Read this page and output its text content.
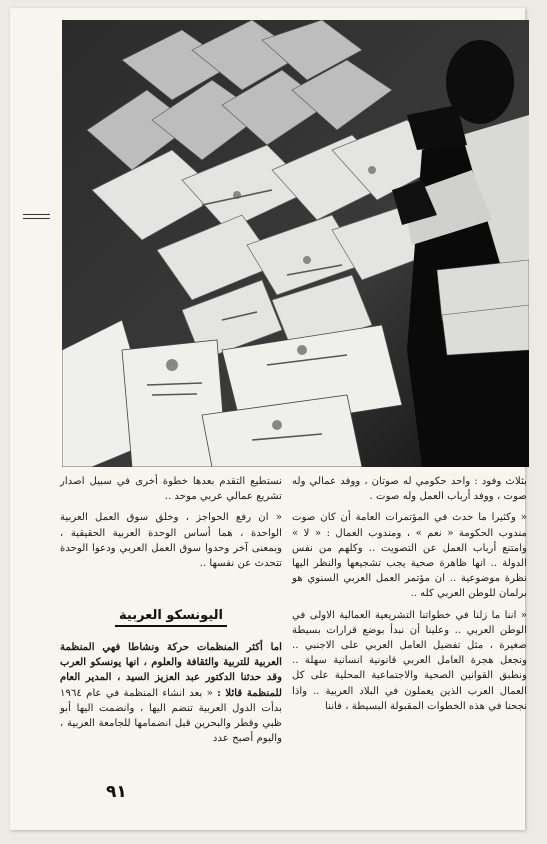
بثلاث وفود : واحد حكومي له صوتان ، ووفد عمالي وله صوت ، ووفد أرباب العمل وله صوت .

« وكثيرا ما حدث في المؤتمرات العامة أن كان صوت مندوب الحكومة « نعم » ، ومندوب العمال : « لا » وامتنع أرباب العمل عن التصويت .. وكلهم من نفس الدولة .. انها ظاهرة صحية يجب تشجيعها والنظر اليها نظرة موضوعية .. ان مؤتمر العمل العربي السنوي هو برلمان للوطن العربي كله ..

« اننا ما زلنا في خطواتنا التشريعية العمالية الاولى في الوطن العربي .. وعلينا أن نبدأ بوضع قرارات بسيطة صغيرة ، مثل تفضيل العامل العربي على الاجنبي .. ونجعل هجرة العامل العربي قانونية انسانية سهلة .. ونطبق القوانين الصحية والاجتماعية المحلية على كل العمال العرب الذين يعملون في البلاد العربية .. واذا نجحنا في هذه الخطوات المقبولة البسيطة ، فاننا

نستطيع التقدم بعدها خطوة أخرى في سبيل اصدار تشريع عمالي عربي موحد ..

« ان رفع الحواجز ، وخلق سوق العمل العربية الواحدة ، هما أساس الوحدة العربية الحقيقية ، وبمعنى آخر وحدوا سوق العمل العربي ودعوا الوحدة تتحدث عن نفسها ..

اليونسكو العربية

اما أكثر المنظمات حركة ونشاطا فهي المنظمة العربية للتربية والثقافة والعلوم ، انها يونسكو العرب وقد حدثنا الدكتور عبد العزيز السيد ، المدير العام للمنظمة قائلا : « بعد انشاء المنظمة في عام ١٩٦٤ بدأت الدول العربية تنضم اليها ، وانضمت اليها أبو ظبي وقطر والبحرين قبل انضمامها للجامعة العربية ، واليوم أصبح عدد

٩١
